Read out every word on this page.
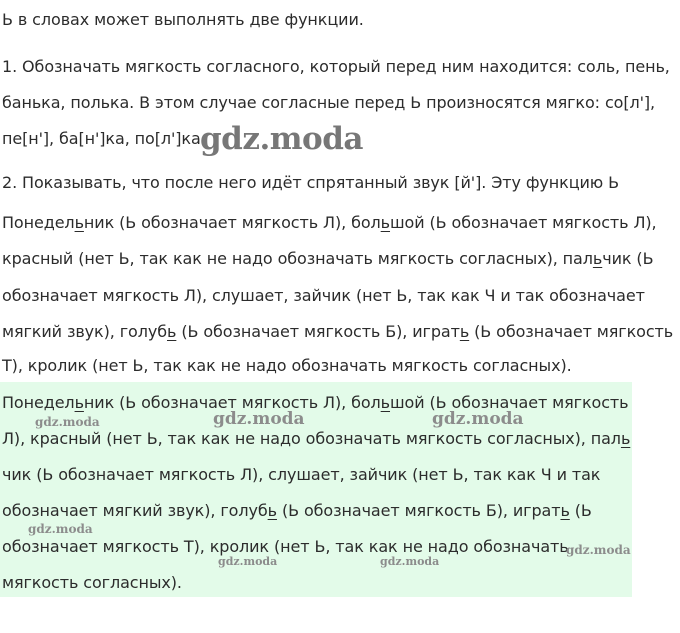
Ь в словах может выполнять две функции.
1. Обозначать мягкость согласного, который перед ним находится: соль, пень,
банька, полька. В этом случае согласные перед Ь произносятся мягко: со[л'],
пе[н'], ба[н']ка, по[л']ка.
gdz.moda
2. Показывать, что после него идёт спрятанный звук [й']. Эту функцию Ь
Понедельник (Ь обозначает мягкость Л), большой (Ь обозначает мягкость Л),
красный (нет Ь, так как не надо обозначать мягкость согласных), пальчик (Ь
обозначает мягкость Л), слушает, зайчик (нет Ь, так как Ч и так обозначает
мягкий звук), голубь (Ь обозначает мягкость Б), играть (Ь обозначает мягкость
Т), кролик (нет Ь, так как не надо обозначать мягкость согласных).
Понедельник (Ь обозначает мягкость Л), большой (Ь обозначает мягкость
Л), красный (нет Ь, так как не надо обозначать мягкость согласных), паль
чик (Ь обозначает мягкость Л), слушает, зайчик (нет Ь, так как Ч и так
обозначает мягкий звук), голубь (Ь обозначает мягкость Б), играть (Ь
обозначает мягкость Т), кролик (нет Ь, так как не надо обозначать
мягкость согласных).
gdz.moda	gdz.moda	gdz.moda
gdz.moda
gdz.moda
gdz.moda	gdz.moda
